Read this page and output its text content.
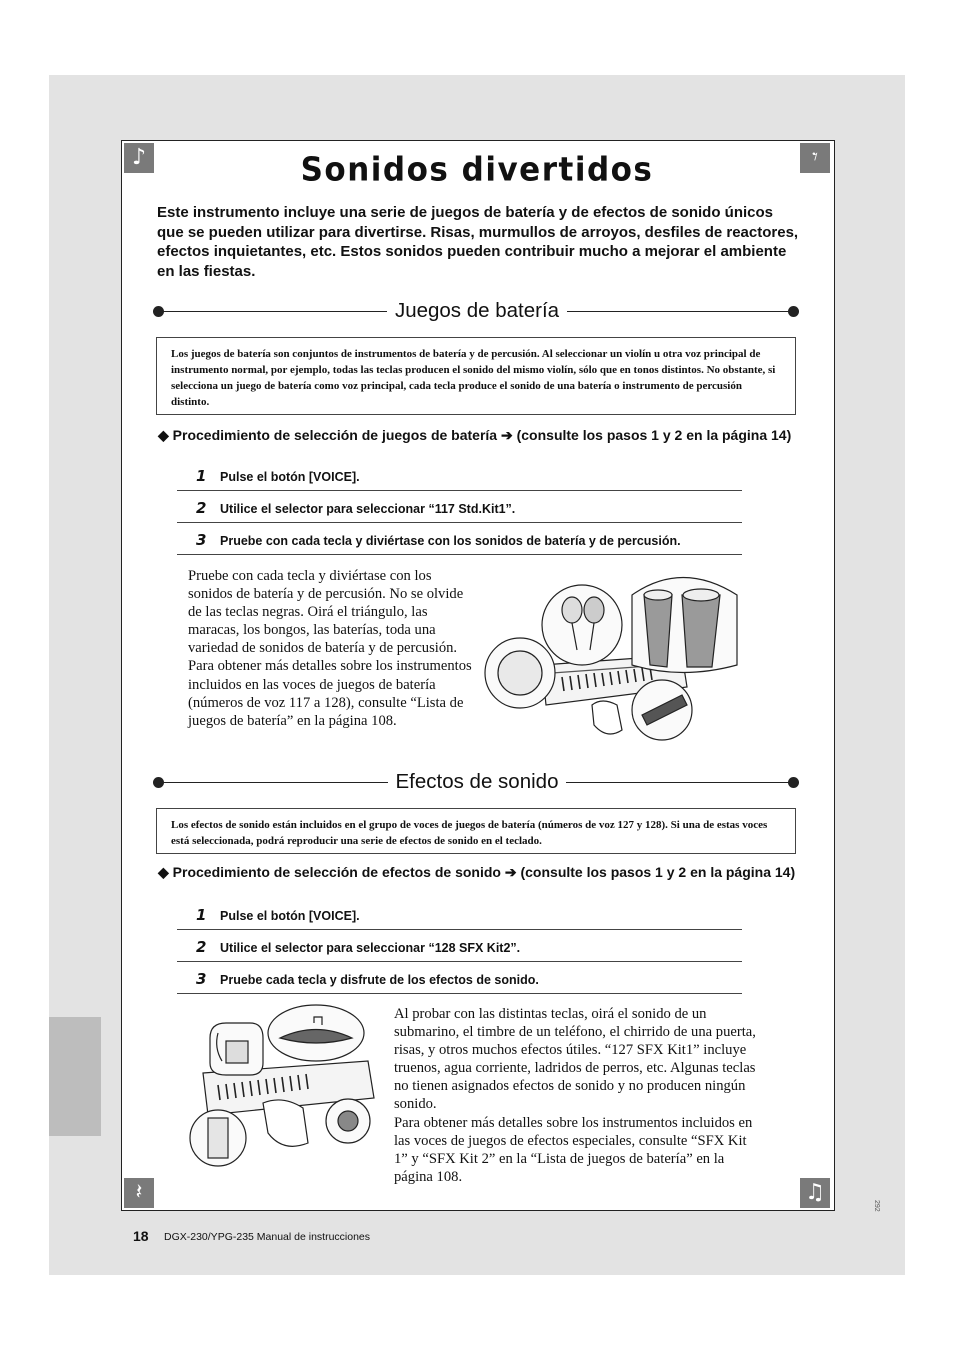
♪	𝄾
𝄽	♫
Sonidos divertidos
Este instrumento incluye una serie de juegos de batería y de efectos de sonido únicos que se pueden utilizar para divertirse. Risas, murmullos de arroyos, desfiles de reactores, efectos inquietantes, etc. Estos sonidos pueden contribuir mucho a mejorar el ambiente en las fiestas.
Juegos de batería
Los juegos de batería son conjuntos de instrumentos de batería y de percusión. Al seleccionar un violín u otra voz principal de instrumento normal, por ejemplo, todas las teclas producen el sonido del mismo violín, sólo que en tonos distintos. No obstante, si selecciona un juego de batería como voz principal, cada tecla produce el sonido de una batería o instrumento de percusión distinto.
◆ Procedimiento de selección de juegos de batería ➔ (consulte los pasos 1 y 2 en la página 14)
1 Pulse el botón [VOICE].
2 Utilice el selector para seleccionar “117 Std.Kit1”.
3 Pruebe con cada tecla y diviértase con los sonidos de batería y de percusión.
Pruebe con cada tecla y diviértase con los sonidos de batería y de percusión. No se olvide de las teclas negras. Oirá el triángulo, las maracas, los bongos, las baterías, toda una variedad de sonidos de batería y de percusión. Para obtener más detalles sobre los instrumentos incluidos en las voces de juegos de batería (números de voz 117 a 128), consulte “Lista de juegos de batería” en la página 108.
Efectos de sonido
Los efectos de sonido están incluidos en el grupo de voces de juegos de batería (números de voz 127 y 128). Si una de estas voces está seleccionada, podrá reproducir una serie de efectos de sonido en el teclado.
◆ Procedimiento de selección de efectos de sonido ➔ (consulte los pasos 1 y 2 en la página 14)
1 Pulse el botón [VOICE].
2 Utilice el selector para seleccionar “128 SFX Kit2”.
3 Pruebe cada tecla y disfrute de los efectos de sonido.
Al probar con las distintas teclas, oirá el sonido de un submarino, el timbre de un teléfono, el chirrido de una puerta, risas, y otros muchos efectos útiles. “127 SFX Kit1” incluye truenos, agua corriente, ladridos de perros, etc. Algunas teclas no tienen asignados efectos de sonido y no producen ningún sonido.
Para obtener más detalles sobre los instrumentos incluidos en las voces de juegos de efectos especiales, consulte “SFX Kit 1” y “SFX Kit 2” en la “Lista de juegos de batería” en la página 108.
18 DGX-230/YPG-235 Manual de instrucciones
292
